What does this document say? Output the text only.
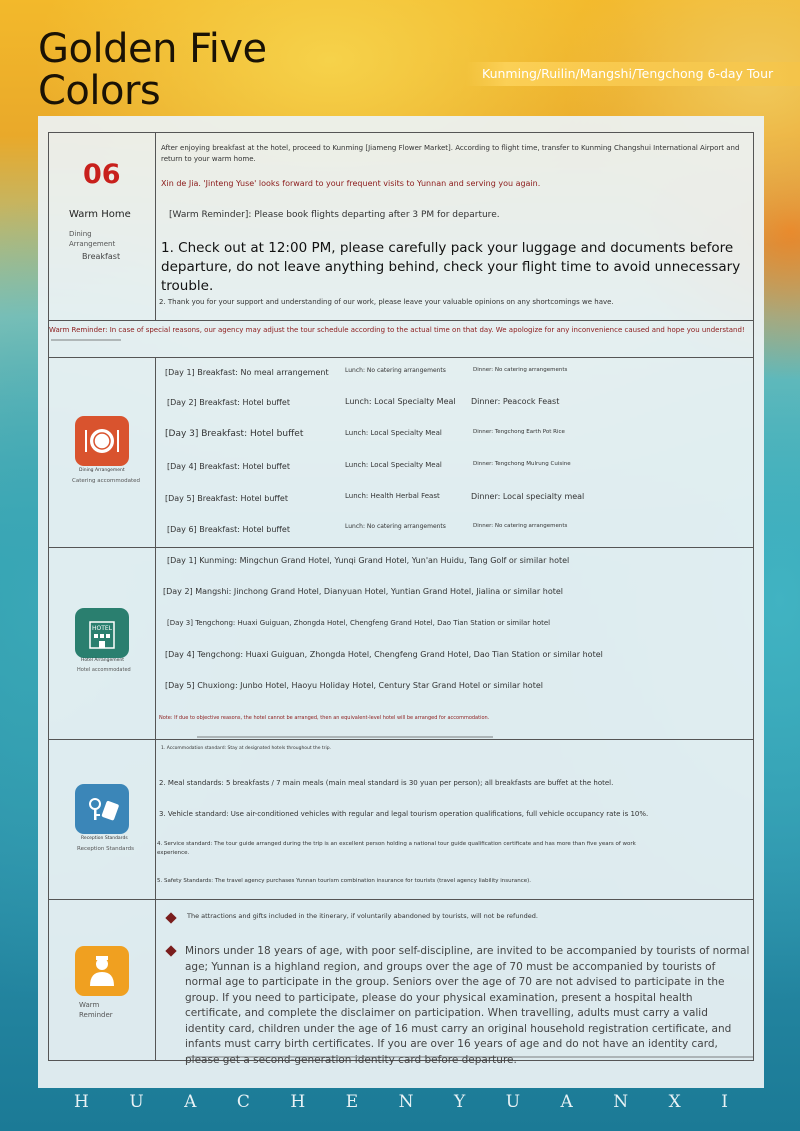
Golden Five
Colors	Kunming/Ruilin/Mangshi/Tengchong 6-day Tour
06
Warm Home
Dining
Arrangement
Breakfast
After enjoying breakfast at the hotel, proceed to Kunming [Jiameng Flower Market]. According to flight time, transfer to Kunming Changshui International Airport and return to your warm home.
Xin de Jia. 'Jinteng Yuse' looks forward to your frequent visits to Yunnan and serving you again.
[Warm Reminder]: Please book flights departing after 3 PM for departure.
1. Check out at 12:00 PM, please carefully pack your luggage and documents before departure, do not leave anything behind, check your flight time to avoid unnecessary trouble.
2. Thank you for your support and understanding of our work, please leave your valuable opinions on any shortcomings we have.
Warm Reminder: In case of special reasons, our agency may adjust the tour schedule according to the actual time on that day. We apologize for any inconvenience caused and hope you understand!
Dining Arrangement
Catering accommodated
[Day 1] Breakfast: No meal arrangement	Lunch: No catering arrangements	Dinner: No catering arrangements
[Day 2] Breakfast: Hotel buffet	Lunch: Local Specialty Meal Dinner: Peacock Feast
[Day 3] Breakfast: Hotel buffet	Lunch: Local Specialty Meal	Dinner: Tengchong Earth Pot Rice
[Day 4] Breakfast: Hotel buffet	Lunch: Local Specialty Meal	Dinner: Tengchong Mulrung Cuisine
[Day 5] Breakfast: Hotel buffet	Lunch: Health Herbal Feast	Dinner: Local specialty meal
[Day 6] Breakfast: Hotel buffet	Lunch: No catering arrangements	Dinner: No catering arrangements
HOTEL
Hotel Arrangement
Hotel accommodated
[Day 1] Kunming: Mingchun Grand Hotel, Yunqi Grand Hotel, Yun'an Huidu, Tang Golf or similar hotel
[Day 2] Mangshi: Jinchong Grand Hotel, Dianyuan Hotel, Yuntian Grand Hotel, Jialina or similar hotel
[Day 3] Tengchong: Huaxi Guiguan, Zhongda Hotel, Chengfeng Grand Hotel, Dao Tian Station or similar hotel
[Day 4] Tengchong: Huaxi Guiguan, Zhongda Hotel, Chengfeng Grand Hotel, Dao Tian Station or similar hotel
[Day 5] Chuxiong: Junbo Hotel, Haoyu Holiday Hotel, Century Star Grand Hotel or similar hotel
Note: If due to objective reasons, the hotel cannot be arranged, then an equivalent-level hotel will be arranged for accommodation.
Reception Standards
Reception Standards
1. Accommodation standard: Stay at designated hotels throughout the trip.
2. Meal standards: 5 breakfasts / 7 main meals (main meal standard is 30 yuan per person); all breakfasts are buffet at the hotel.
3. Vehicle standard: Use air-conditioned vehicles with regular and legal tourism operation qualifications, full vehicle occupancy rate is 10%.
4. Service standard: The tour guide arranged during the trip is an excellent person holding a national tour guide qualification certificate and has more than five years of work experience.
5. Safety Standards: The travel agency purchases Yunnan tourism combination insurance for tourists (travel agency liability insurance).
Warm
Reminder
The attractions and gifts included in the itinerary, if voluntarily abandoned by tourists, will not be refunded.
Minors under 18 years of age, with poor self-discipline, are invited to be accompanied by tourists of normal age; Yunnan is a highland region, and groups over the age of 70 must be accompanied by tourists of normal age to participate in the group. Seniors over the age of 70 are not advised to participate in the group. If you need to participate, please do your physical examination, present a hospital health certificate, and complete the disclaimer on participation. When travelling, adults must carry a valid identity card, children under the age of 16 must carry an original household registration certificate, and infants must carry birth certificates. If you are over 16 years of age and do not have an identity card, please get a second-generation identity card before departure.
H U A C H E N Y U A N X I
